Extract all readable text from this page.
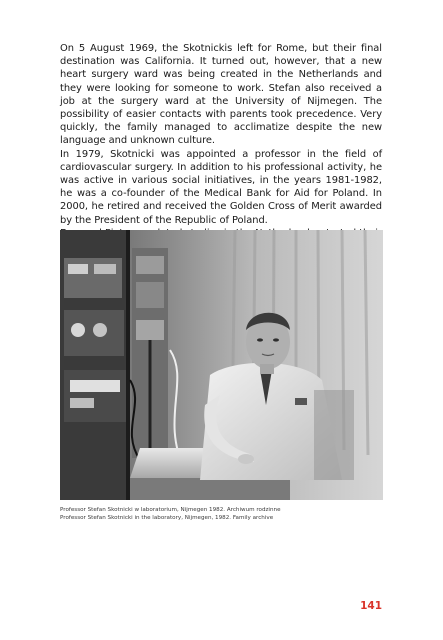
On 5 August 1969, the Skotnickis left for Rome, but their final destination was California. It turned out, however, that a new heart surgery ward was being created in the Netherlands and they were looking for someone to work. Stefan also received a job at the surgery ward at the University of Nijmegen. The possibility of easier contacts with parents took precedence. Very quickly, the family managed to acclimatize despite the new language and unknown culture.

In 1979, Skotnicki was appointed a professor in the field of cardiovascular surgery. In addition to his professional activity, he was active in various social initiatives, in the years 1981-1982, he was a co-founder of the Medical Bank for Aid for Poland. In 2000, he retired and received the Golden Cross of Merit awarded by the President of the Republic of Poland.

Professor Stefan Skotnicki w laboratorium, Nijmegen 1982. Archiwum rodzinne
Professor Stefan Skotnicki in the laboratory, Nijmegen, 1982. Family archive
141
